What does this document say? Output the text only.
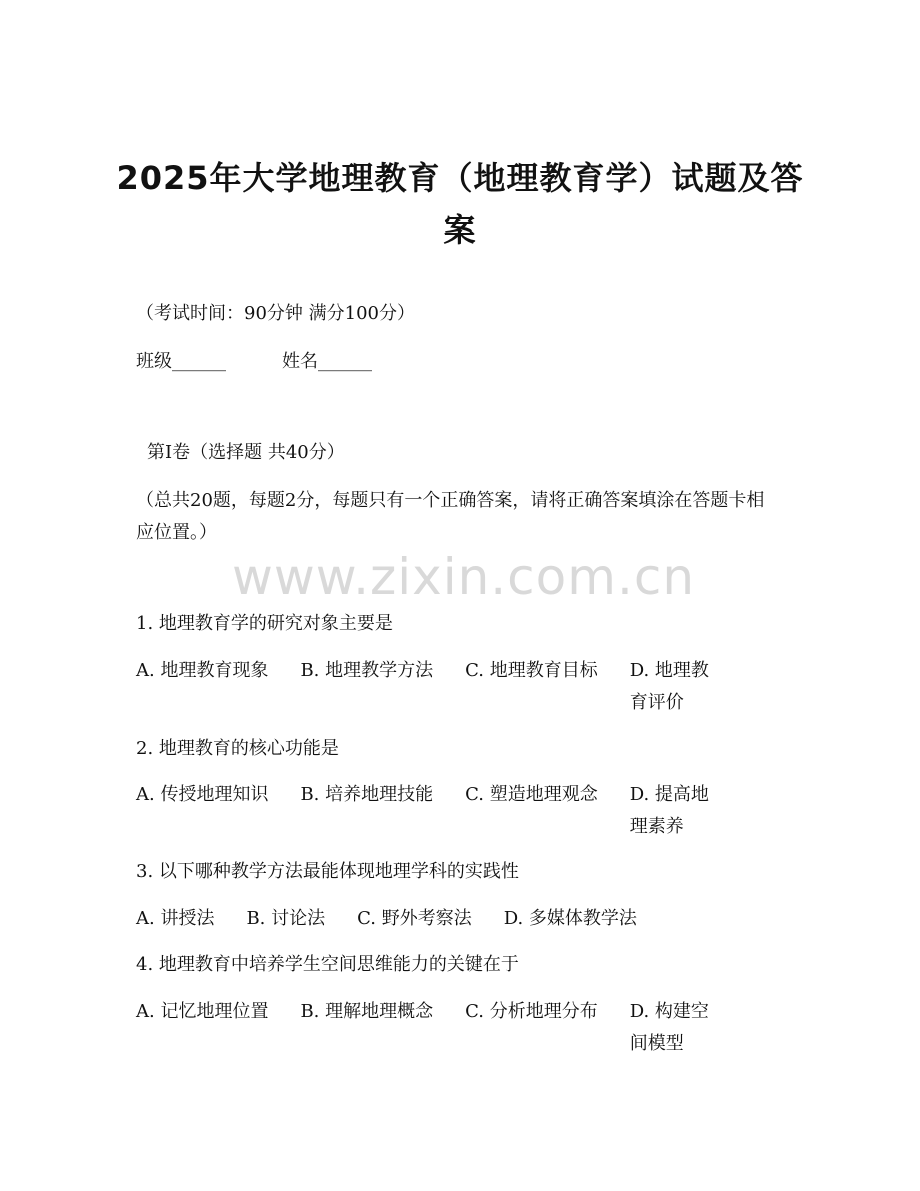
2025年大学地理教育（地理教育学）试题及答案
（考试时间：90分钟 满分100分）
班级______	姓名______
第Ⅰ卷（选择题 共40分）
（总共20题，每题2分，每题只有一个正确答案，请将正确答案填涂在答题卡相应位置。）
www.zixin.com.cn
1. 地理教育学的研究对象主要是
A. 地理教育现象 B. 地理教学方法 C. 地理教育目标 D. 地理教育评价
2. 地理教育的核心功能是
A. 传授地理知识 B. 培养地理技能 C. 塑造地理观念 D. 提高地理素养
3. 以下哪种教学方法最能体现地理学科的实践性
A. 讲授法 B. 讨论法 C. 野外考察法 D. 多媒体教学法
4. 地理教育中培养学生空间思维能力的关键在于
A. 记忆地理位置 B. 理解地理概念 C. 分析地理分布 D. 构建空间模型
